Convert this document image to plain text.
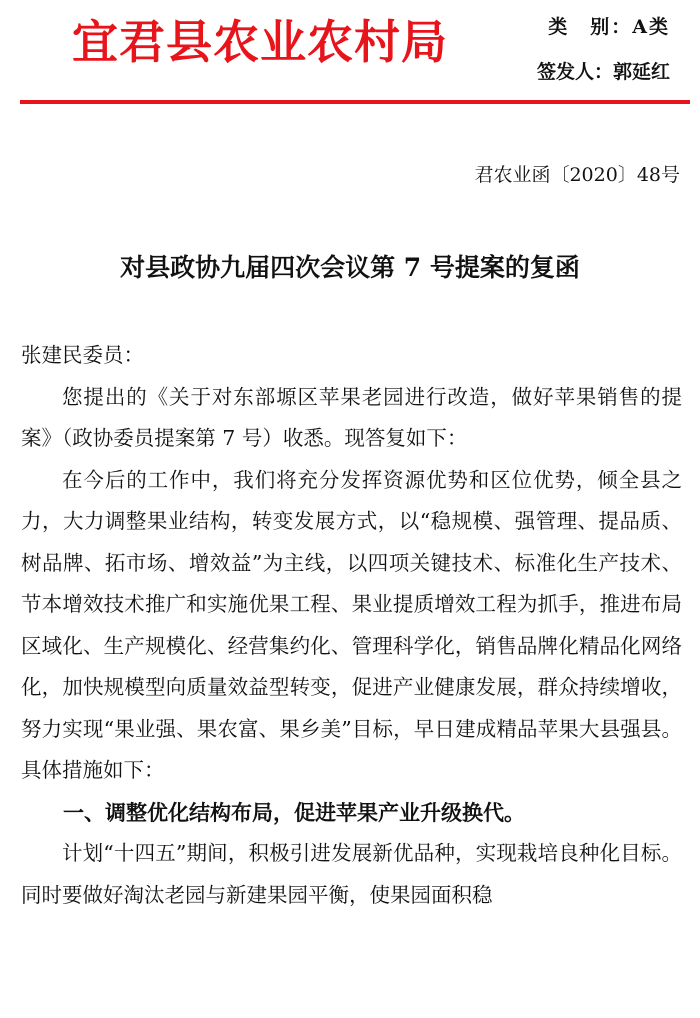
宜君县农业农村局	类　别：A类
签发人：郭延红
君农业函〔2020〕48号
对县政协九届四次会议第 7 号提案的复函

张建民委员：

您提出的《关于对东部塬区苹果老园进行改造，做好苹果销售的提案》（政协委员提案第 7 号）收悉。现答复如下：

在今后的工作中，我们将充分发挥资源优势和区位优势，倾全县之力，大力调整果业结构，转变发展方式，以“稳规模、强管理、提品质、树品牌、拓市场、增效益”为主线，以四项关键技术、标准化生产技术、节本增效技术推广和实施优果工程、果业提质增效工程为抓手，推进布局区域化、生产规模化、经营集约化、管理科学化，销售品牌化精品化网络化，加快规模型向质量效益型转变，促进产业健康发展，群众持续增收，努力实现“果业强、果农富、果乡美”目标，早日建成精品苹果大县强县。具体措施如下：

一、调整优化结构布局，促进苹果产业升级换代。

计划“十四五”期间，积极引进发展新优品种，实现栽培良种化目标。同时要做好淘汰老园与新建果园平衡，使果园面积稳
